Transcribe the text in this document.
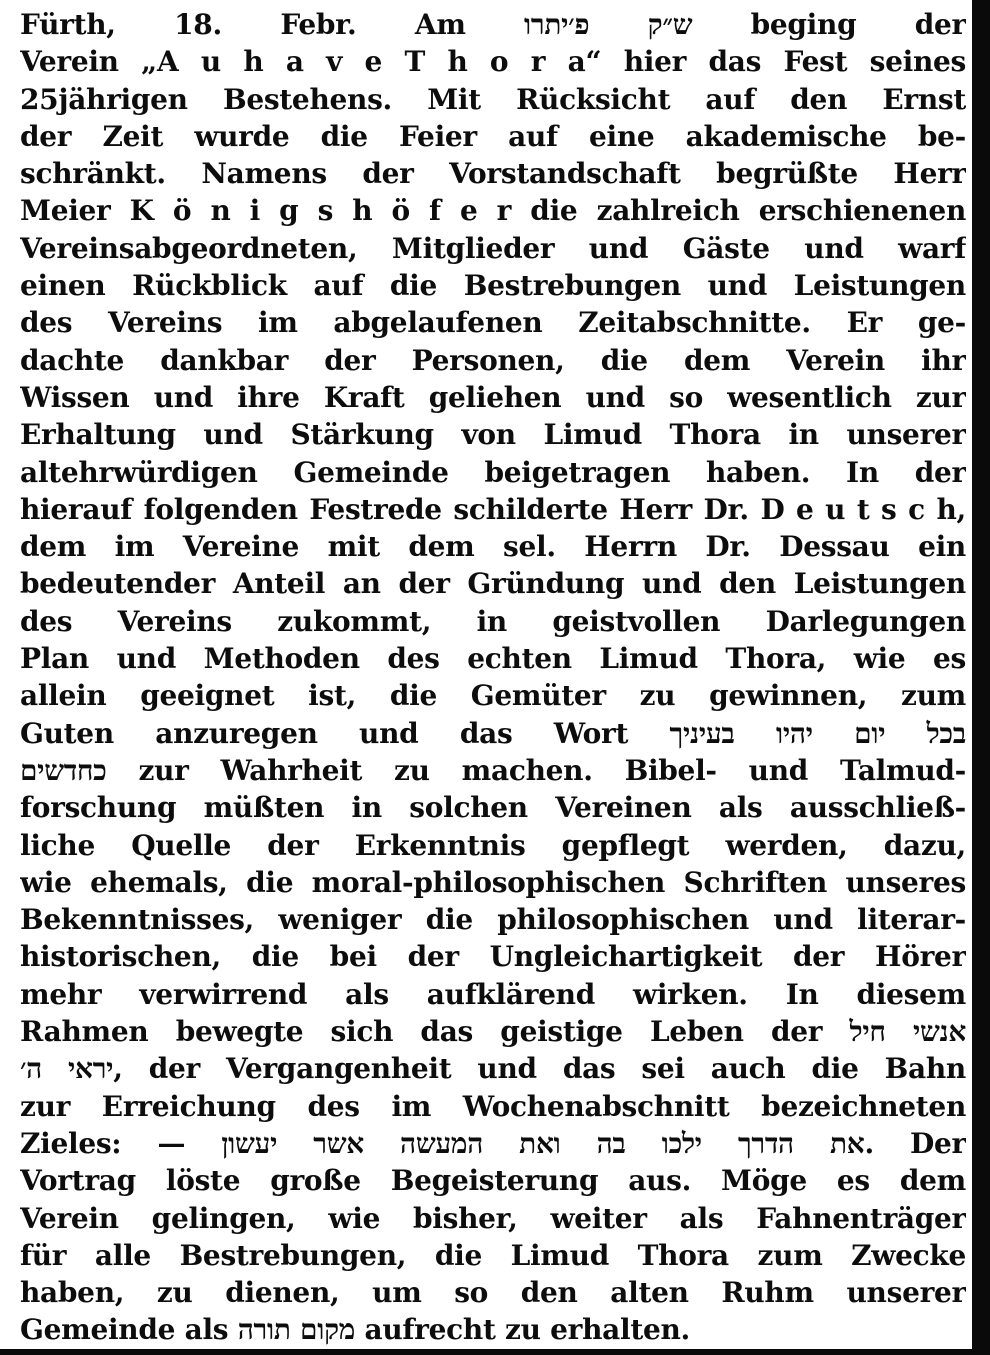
Fürth, 18. Febr. Am ש״ק פ׳יתרו beging der
Verein „A u h a v e T h o r a“ hier das Fest seines
25jährigen Bestehens. Mit Rücksicht auf den Ernst
der Zeit wurde die Feier auf eine akademische be-
schränkt. Namens der Vorstandschaft begrüßte Herr
Meier K ö n i g s h ö f e r die zahlreich erschienenen
Vereinsabgeordneten, Mitglieder und Gäste und warf
einen Rückblick auf die Bestrebungen und Leistungen
des Vereins im abgelaufenen Zeitabschnitte. Er ge-
dachte dankbar der Personen, die dem Verein ihr
Wissen und ihre Kraft geliehen und so wesentlich zur
Erhaltung und Stärkung von Limud Thora in unserer
altehrwürdigen Gemeinde beigetragen haben. In der
hierauf folgenden Festrede schilderte Herr Dr. D e u t s c h,
dem im Vereine mit dem sel. Herrn Dr. Dessau ein
bedeutender Anteil an der Gründung und den Leistungen
des Vereins zukommt, in geistvollen Darlegungen
Plan und Methoden des echten Limud Thora, wie es
allein geeignet ist, die Gemüter zu gewinnen, zum
Guten anzuregen und das Wort בכל יום יהיו בעיניך
כחדשים zur Wahrheit zu machen. Bibel- und Talmud-
forschung müßten in solchen Vereinen als ausschließ-
liche Quelle der Erkenntnis gepflegt werden, dazu,
wie ehemals, die moral-philosophischen Schriften unseres
Bekenntnisses, weniger die philosophischen und literar-
historischen, die bei der Ungleichartigkeit der Hörer
mehr verwirrend als aufklärend wirken. In diesem
Rahmen bewegte sich das geistige Leben der אנשי חיל
יראי ה׳, der Vergangenheit und das sei auch die Bahn
zur Erreichung des im Wochenabschnitt bezeichneten
Zieles: — את הדרך ילכו בה ואת המעשה אשר יעשון. Der
Vortrag löste große Begeisterung aus. Möge es dem
Verein gelingen, wie bisher, weiter als Fahnenträger
für alle Bestrebungen, die Limud Thora zum Zwecke
haben, zu dienen, um so den alten Ruhm unserer
Gemeinde als מקום תורה aufrecht zu erhalten.
